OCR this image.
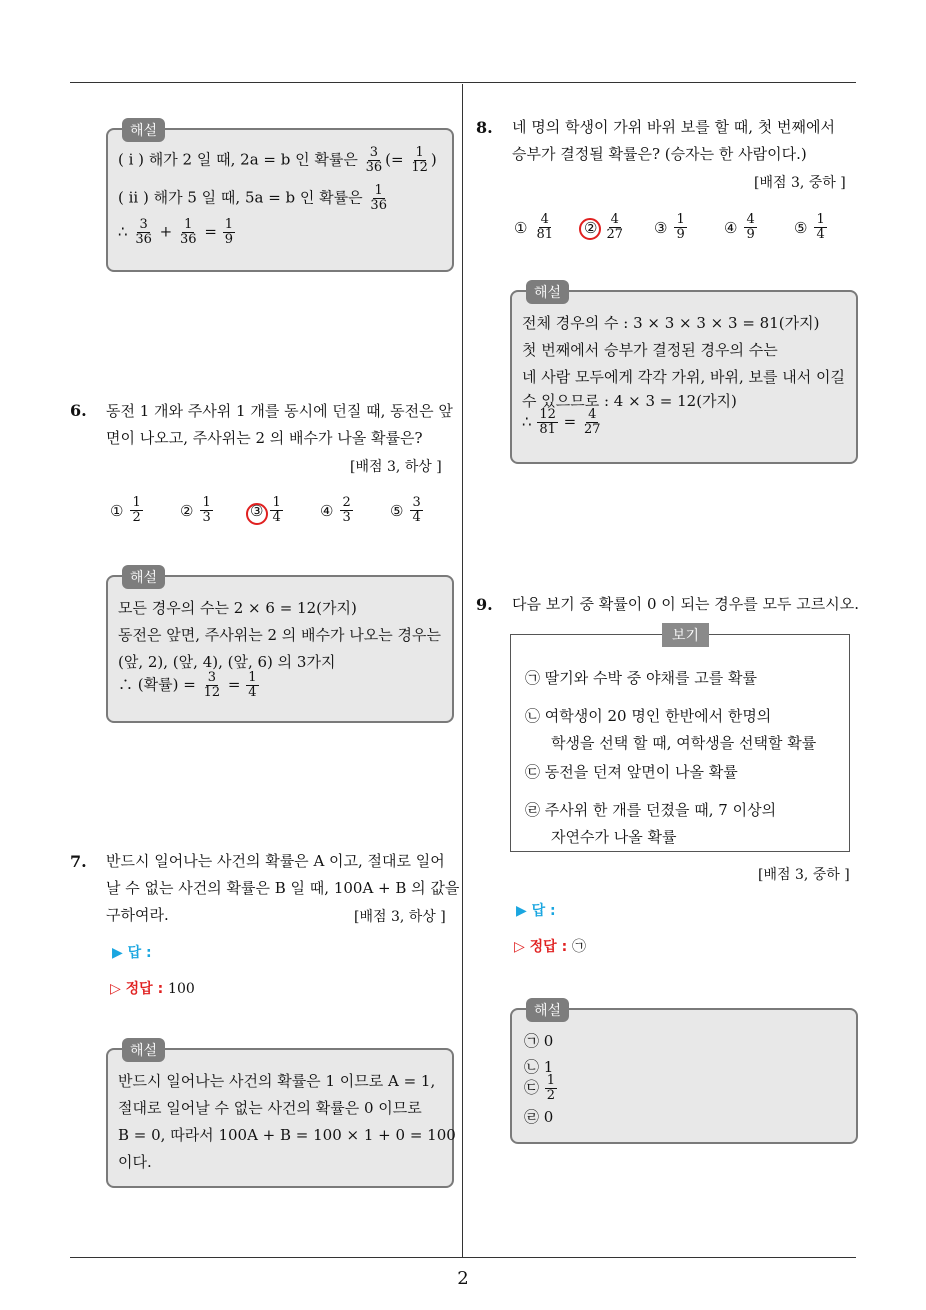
해설
( i ) 해가 2 일 때, 2a = b 인 확률은 $\frac{3}{36}$ (= $\frac{1}{12}$ )
( ii ) 해가 5 일 때, 5a = b 인 확률은 $\frac{1}{36}$
∴ $\frac{3}{36} + \frac{1}{36} = \frac{1}{9}$
6. 동전 1 개와 주사위 1 개를 동시에 던질 때, 동전은 앞
면이 나오고, 주사위는 2 의 배수가 나올 확률은?
[배점 3, 하상 ]
① $\frac{1}{2}$ ② $\frac{1}{3}$ ③ $\frac{1}{4}$ ④ $\frac{2}{3}$ ⑤ $\frac{3}{4}$
해설
모든 경우의 수는 2 × 6 = 12(가지)
동전은 앞면, 주사위는 2 의 배수가 나오는 경우는
(앞, 2), (앞, 4), (앞, 6) 의 3가지
∴ (확률) = $\frac{3}{12} = \frac{1}{4}$
7. 반드시 일어나는 사건의 확률은 A 이고, 절대로 일어
날 수 없는 사건의 확률은 B 일 때, 100A + B 의 값을
구하여라.	[배점 3, 하상 ]
▶ 답 :
▷ 정답 : 100
해설
반드시 일어나는 사건의 확률은 1 이므로 A = 1,
절대로 일어날 수 없는 사건의 확률은 0 이므로
B = 0, 따라서 100A + B = 100 × 1 + 0 = 100
이다.
8. 네 명의 학생이 가위 바위 보를 할 때, 첫 번째에서
승부가 결정될 확률은? (승자는 한 사람이다.)
[배점 3, 중하 ]
① $\frac{4}{81}$ ② $\frac{4}{27}$ ③ $\frac{1}{9}$ ④ $\frac{4}{9}$ ⑤ $\frac{1}{4}$
해설
전체 경우의 수 : 3 × 3 × 3 × 3 = 81(가지)
첫 번째에서 승부가 결정된 경우의 수는
네 사람 모두에게 각각 가위, 바위, 보를 내서 이길
수 있으므로 : 4 × 3 = 12(가지)
∴ $\frac{12}{81} = \frac{4}{27}$
9. 다음 보기 중 확률이 0 이 되는 경우를 모두 고르시오.
보기
㉠ 딸기와 수박 중 야채를 고를 확률
㉡ 여학생이 20 명인 한반에서 한명의
학생을 선택 할 때, 여학생을 선택할 확률
㉢ 동전을 던져 앞면이 나올 확률
㉣ 주사위 한 개를 던졌을 때, 7 이상의
자연수가 나올 확률
[배점 3, 중하 ]
▶ 답 :
▷ 정답 : ㉠
해설
㉠ 0
㉡ 1
㉢ $\frac{1}{2}$
㉣ 0
2
